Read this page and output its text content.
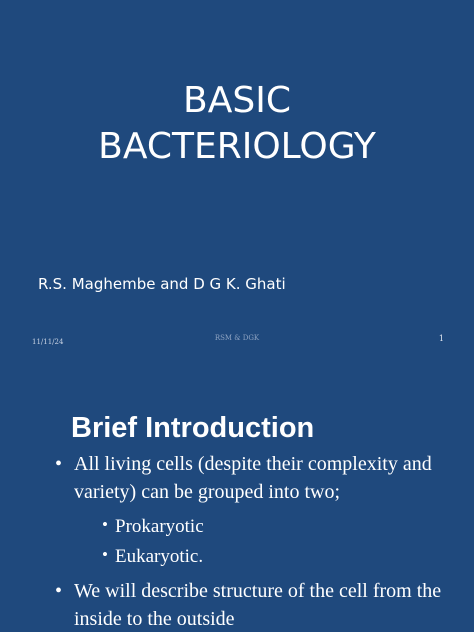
BASIC
BACTERIOLOGY
R.S. Maghembe and D G K. Ghati
11/11/24	RSM & DGK	1
Brief Introduction
• All living cells (despite their complexity and variety) can be grouped into two;
• Prokaryotic
• Eukaryotic.
• We will describe structure of the cell from the inside to the outside
